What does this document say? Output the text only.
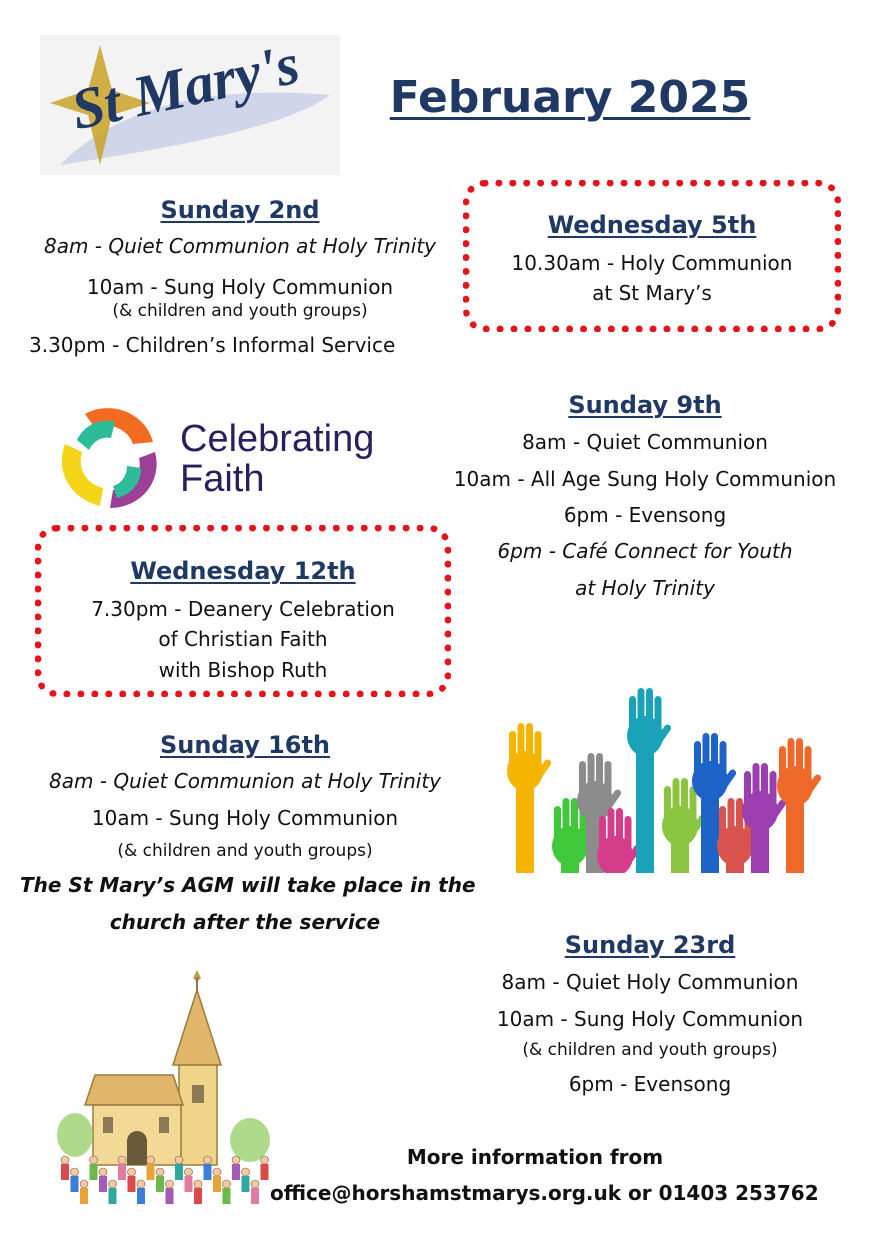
St Mary's February 2025
Sunday 2nd
8am - Quiet Communion at Holy Trinity
10am - Sung Holy Communion
(& children and youth groups)
3.30pm - Children’s Informal Service
Wednesday 5th
10.30am - Holy Communion
at St Mary’s
Celebrating
Faith
Sunday 9th
8am - Quiet Communion
10am - All Age Sung Holy Communion
6pm - Evensong
6pm - Café Connect for Youth
at Holy Trinity
Wednesday 12th
7.30pm - Deanery Celebration
of Christian Faith
with Bishop Ruth
Sunday 16th
8am - Quiet Communion at Holy Trinity
10am - Sung Holy Communion
(& children and youth groups)
The St Mary’s AGM will take place in the
church after the service
Sunday 23rd
8am - Quiet Holy Communion
10am - Sung Holy Communion
(& children and youth groups)
6pm - Evensong
More information from
office@horshamstmarys.org.uk or 01403 253762
